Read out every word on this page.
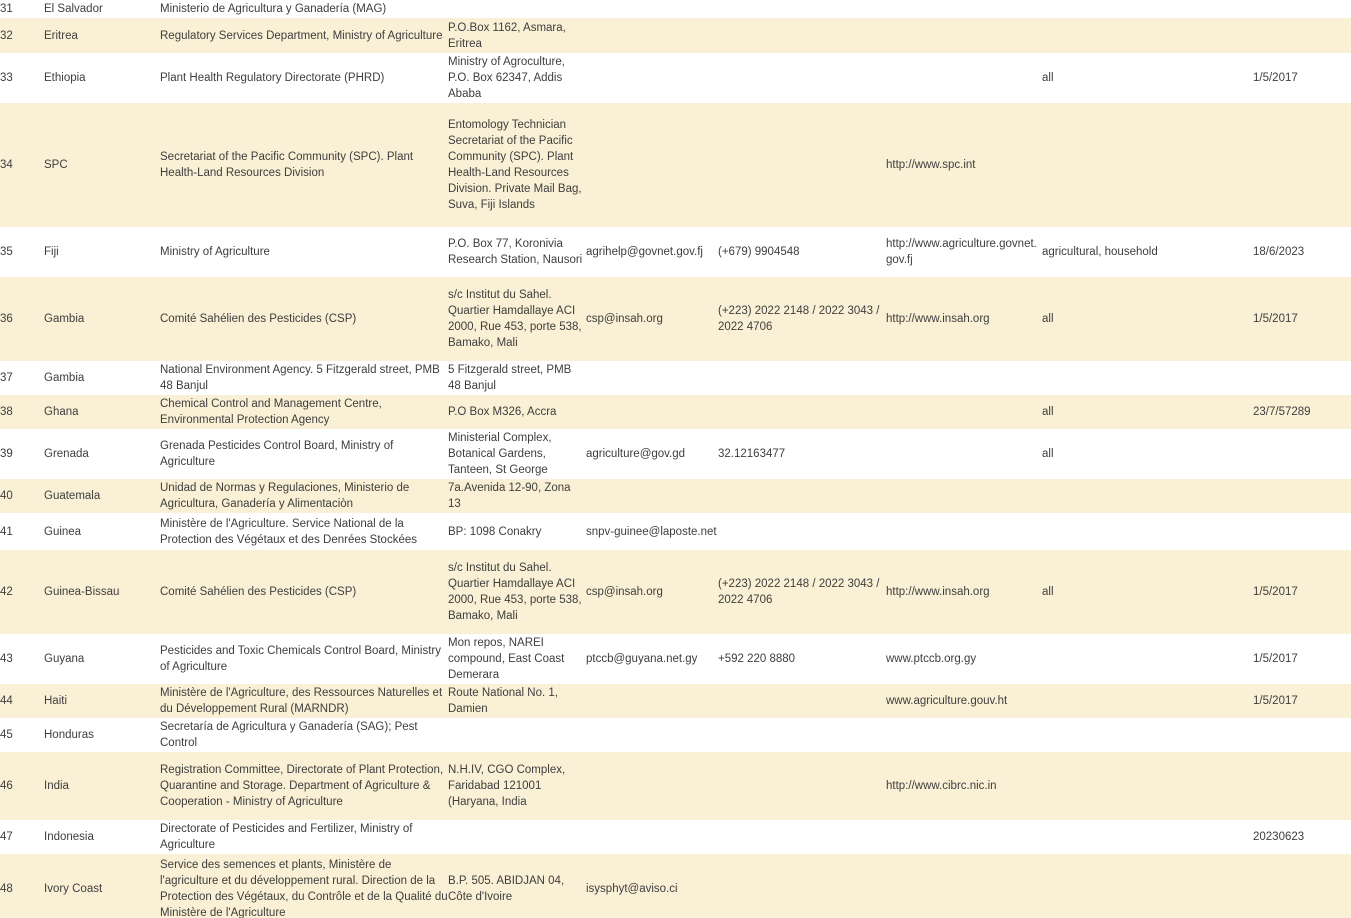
31	El Salvador	Ministerio de Agricultura y Ganadería (MAG)						
32	Eritrea	Regulatory Services Department, Ministry of Agriculture	P.O.Box 1162, Asmara, Eritrea					
33	Ethiopia	Plant Health Regulatory Directorate (PHRD)	Ministry of Agroculture, P.O. Box 62347, Addis Ababa				all	1/5/2017
34	SPC	Secretariat of the Pacific Community (SPC). Plant Health-Land Resources Division	Entomology Technician Secretariat of the Pacific Community (SPC). Plant Health-Land Resources Division. Private Mail Bag, Suva, Fiji Islands			http://www.spc.int		
35	Fiji	Ministry of Agriculture	P.O. Box 77, Koronivia Research Station, Nausori	agrihelp@govnet.gov.fj	(+679) 9904548	http://www.agriculture.govnet.gov.fj	agricultural, household	18/6/2023
36	Gambia	Comité Sahélien des Pesticides (CSP)	s/c Institut du Sahel. Quartier Hamdallaye ACI 2000, Rue 453, porte 538, Bamako, Mali	csp@insah.org	(+223) 2022 2148 / 2022 3043 / 2022 4706	http://www.insah.org	all	1/5/2017
37	Gambia	National Environment Agency. 5 Fitzgerald street, PMB 48 Banjul	5 Fitzgerald street, PMB 48 Banjul					
38	Ghana	Chemical Control and Management Centre, Environmental Protection Agency	P.O Box M326, Accra				all	23/7/57289
39	Grenada	Grenada Pesticides Control Board, Ministry of Agriculture	Ministerial Complex, Botanical Gardens, Tanteen, St George	agriculture@gov.gd	32.12163477		all	
40	Guatemala	Unidad de Normas y Regulaciones, Ministerio de Agricultura, Ganadería y Alimentaciòn	7a.Avenida 12-90, Zona 13					
41	Guinea	Ministère de l'Agriculture. Service National de la Protection des Végétaux et des Denrées Stockées	BP: 1098 Conakry	snpv-guinee@laposte.net				
42	Guinea-Bissau	Comité Sahélien des Pesticides (CSP)	s/c Institut du Sahel. Quartier Hamdallaye ACI 2000, Rue 453, porte 538, Bamako, Mali	csp@insah.org	(+223) 2022 2148 / 2022 3043 / 2022 4706	http://www.insah.org	all	1/5/2017
43	Guyana	Pesticides and Toxic Chemicals Control Board, Ministry of Agriculture	Mon repos, NAREI compound, East Coast Demerara	ptccb@guyana.net.gy	+592 220 8880	www.ptccb.org.gy		1/5/2017
44	Haiti	Ministère de l'Agriculture, des Ressources Naturelles et du Développement Rural (MARNDR)	Route National No. 1, Damien			www.agriculture.gouv.ht		1/5/2017
45	Honduras	Secretaría de Agricultura y Ganadería (SAG); Pest Control						
46	India	Registration Committee, Directorate of Plant Protection, Quarantine and Storage. Department of Agriculture & Cooperation - Ministry of Agriculture	N.H.IV, CGO Complex, Faridabad 121001 (Haryana, India			http://www.cibrc.nic.in		
47	Indonesia	Directorate of Pesticides and Fertilizer, Ministry of Agriculture						20230623
48	Ivory Coast	Service des semences et plants, Ministère de l'agriculture et du développement rural. Direction de la Protection des Végétaux, du Contrôle et de la Qualité du Ministère de l'Agriculture	B.P. 505. ABIDJAN 04, Côte d'Ivoire	isysphyt@aviso.ci				
